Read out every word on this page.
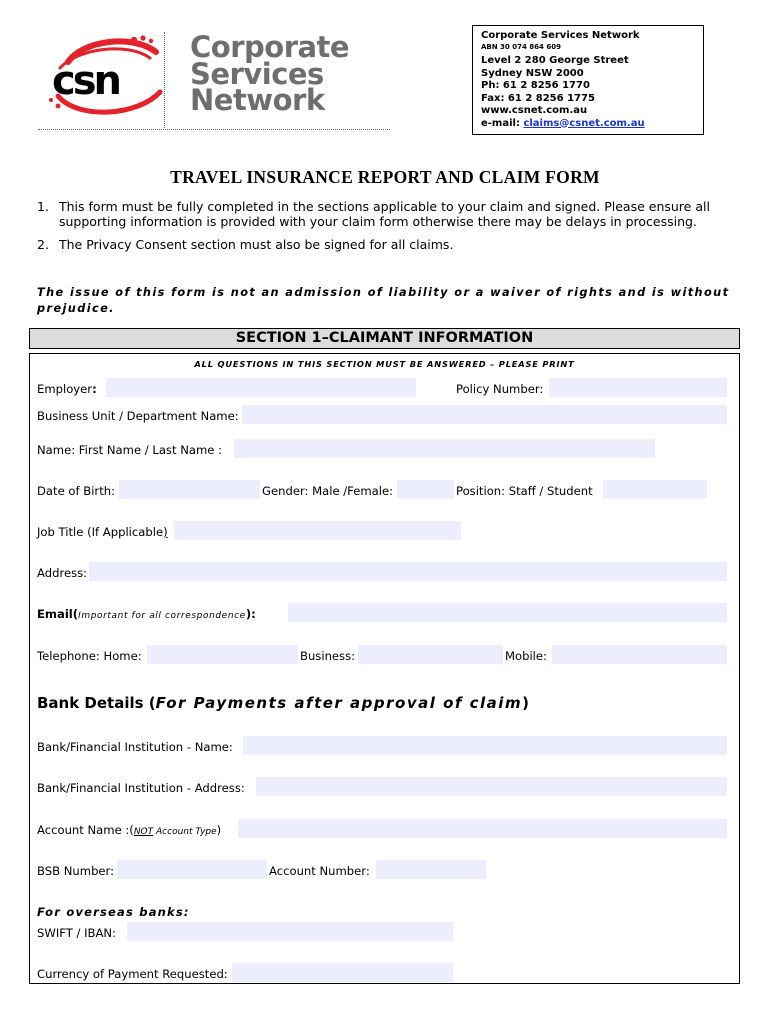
csn
Corporate
Services
Network
Corporate Services Network
ABN 30 074 864 609
Level 2 280 George Street
Sydney NSW 2000
Ph: 61 2 8256 1770
Fax: 61 2 8256 1775
www.csnet.com.au
e-mail: claims@csnet.com.au
TRAVEL INSURANCE REPORT AND CLAIM FORM
1. This form must be fully completed in the sections applicable to your claim and signed. Please ensure all supporting information is provided with your claim form otherwise there may be delays in processing.
2. The Privacy Consent section must also be signed for all claims.
The issue of this form is not an admission of liability or a waiver of rights and is without prejudice.
SECTION 1–CLAIMANT INFORMATION
ALL QUESTIONS IN THIS SECTION MUST BE ANSWERED – PLEASE PRINT
Employer:	Policy Number:
Business Unit / Department Name:
Name: First Name / Last Name :
Date of Birth:	Gender: Male /Female:	Position: Staff / Student
Job Title (If Applicable)
Address:
Email(Important for all correspondence):
Telephone: Home:	Business:	Mobile:
Bank Details (For Payments after approval of claim)
Bank/Financial Institution - Name:
Bank/Financial Institution - Address:
Account Name :(NOT Account Type)
BSB Number:	Account Number:
For overseas banks:
SWIFT / IBAN:
Currency of Payment Requested:
